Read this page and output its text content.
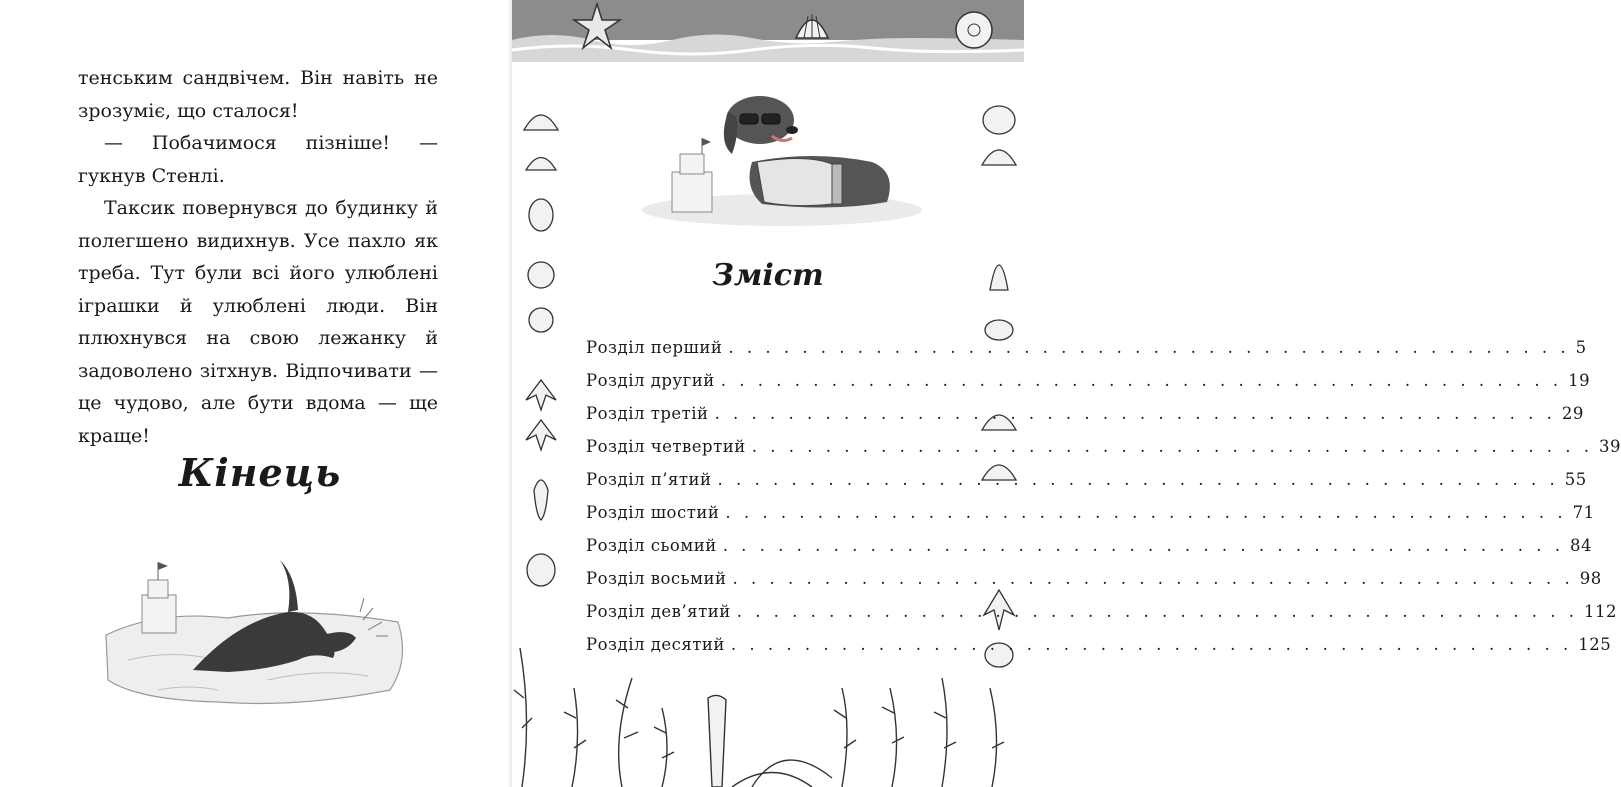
тенським сандвічем. Він навіть не зрозуміє, що сталося!

— Побачимося пізніше! — гукнув Стенлі.

Таксик повернувся до будинку й полегшено видихнув. Усе пахло як треба. Тут були всі його улюблені іграшки й улюблені люди. Він плюхнувся на свою лежанку й задоволено зітхнув. Відпочивати — це чудово, але бути вдома — ще краще!

Кінець
Зміст
Розділ перший . . . . . . . . . . . . . . . . . . . . . . . . . . . . . . . . . . . . . . . . . . . . . . 5
Розділ другий . . . . . . . . . . . . . . . . . . . . . . . . . . . . . . . . . . . . . . . . . . . . . . 19
Розділ третій . . . . . . . . . . . . . . . . . . . . . . . . . . . . . . . . . . . . . . . . . . . . . . 29
Розділ четвертий . . . . . . . . . . . . . . . . . . . . . . . . . . . . . . . . . . . . . . . . . . . . . . 39
Розділ п’ятий . . . . . . . . . . . . . . . . . . . . . . . . . . . . . . . . . . . . . . . . . . . . . . 55
Розділ шостий . . . . . . . . . . . . . . . . . . . . . . . . . . . . . . . . . . . . . . . . . . . . . . 71
Розділ сьомий . . . . . . . . . . . . . . . . . . . . . . . . . . . . . . . . . . . . . . . . . . . . . . 84
Розділ восьмий . . . . . . . . . . . . . . . . . . . . . . . . . . . . . . . . . . . . . . . . . . . . . . 98
Розділ дев’ятий . . . . . . . . . . . . . . . . . . . . . . . . . . . . . . . . . . . . . . . . . . . . . . 112
Розділ десятий . . . . . . . . . . . . . . . . . . . . . . . . . . . . . . . . . . . . . . . . . . . . . . 125
